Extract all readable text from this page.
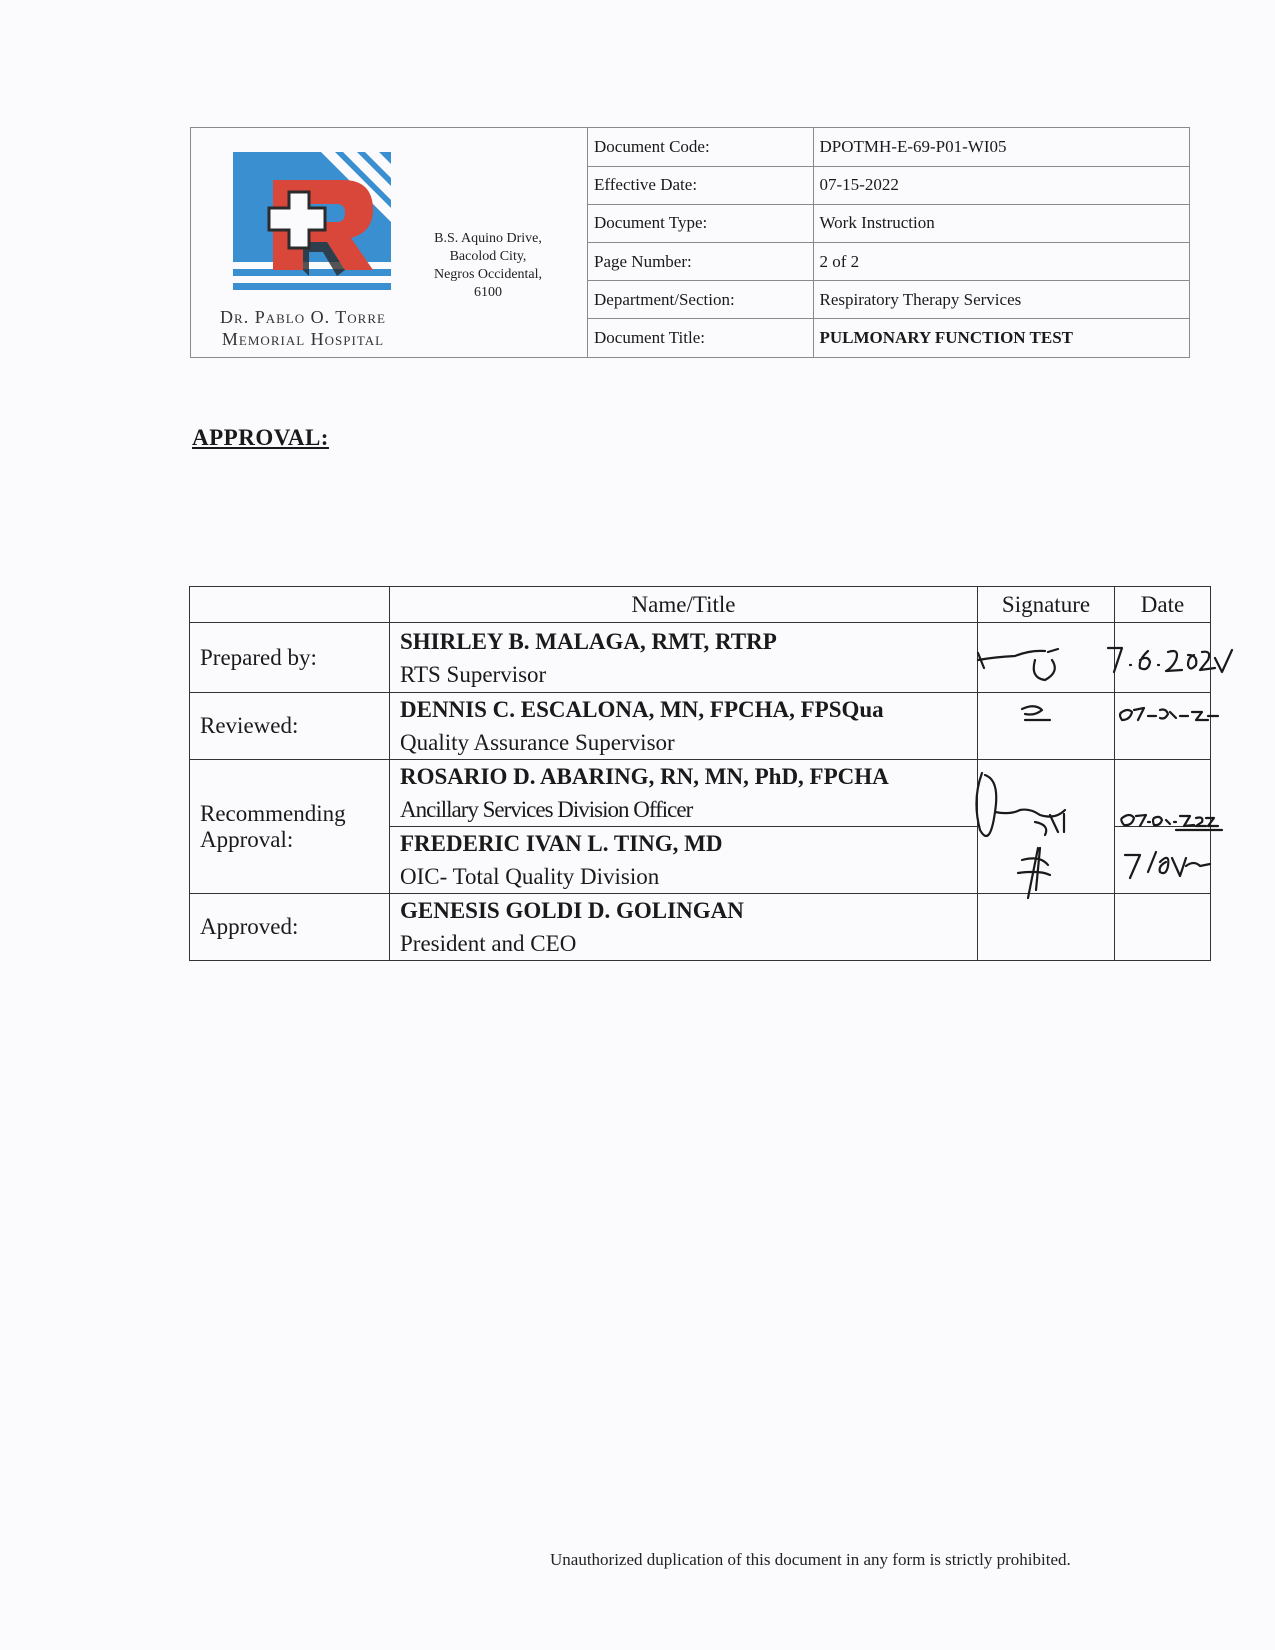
Dr. Pablo O. Torre
Memorial Hospital
B.S. Aquino Drive,
Bacolod City,
Negros Occidental,
6100
Document Code:	DPOTMH-E-69-P01-WI05
Effective Date:	07-15-2022
Document Type:	Work Instruction
Page Number:	2 of 2
Department/Section:	Respiratory Therapy Services
Document Title:	PULMONARY FUNCTION TEST
APPROVAL:
	Name/Title	Signature	Date
Prepared by:	SHIRLEY B. MALAGA, RMT, RTRP
RTS Supervisor		

Reviewed:	DENNIS C. ESCALONA, MN, FPCHA, FPSQua
Quality Assurance Supervisor		

Recommending Approval:	ROSARIO D. ABARING, RN, MN, PhD, FPCHA
Ancillary Services Division Officer		

	FREDERIC IVAN L. TING, MD
OIC- Total Quality Division		

Approved:	GENESIS GOLDI D. GOLINGAN
President and CEO		

Unauthorized duplication of this document in any form is strictly prohibited.
